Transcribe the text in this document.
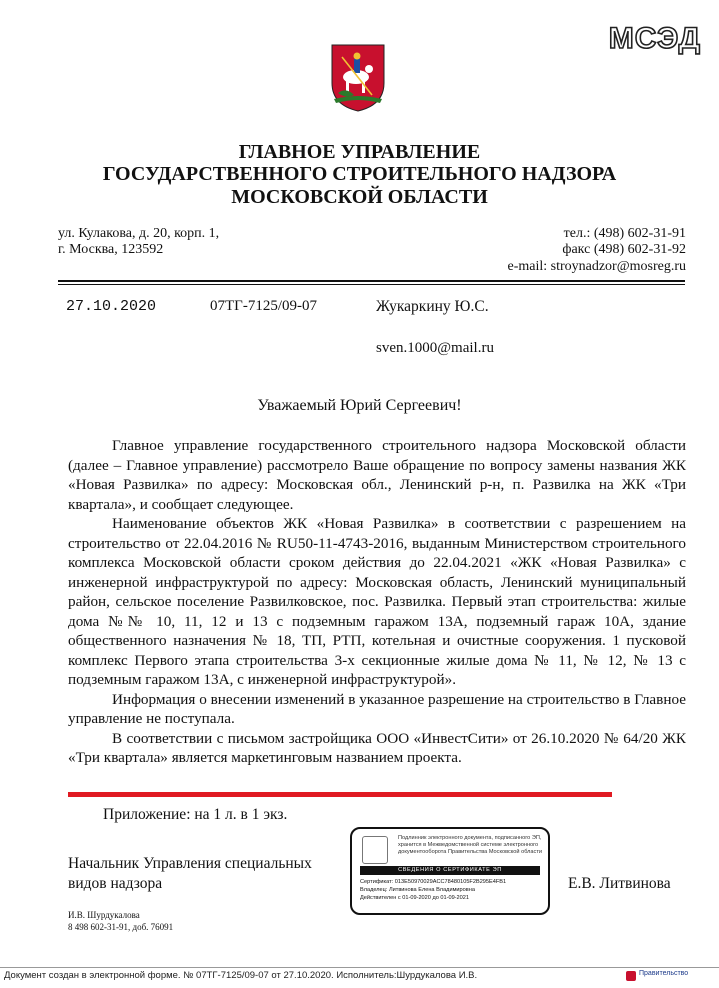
МСЭД
ГЛАВНОЕ УПРАВЛЕНИЕ
ГОСУДАРСТВЕННОГО СТРОИТЕЛЬНОГО НАДЗОРА
МОСКОВСКОЙ ОБЛАСТИ
ул. Кулакова, д. 20, корп. 1,
г. Москва, 123592
тел.: (498) 602-31-91
факс (498) 602-31-92
e-mail: stroynadzor@mosreg.ru
27.10.2020	07ТГ-7125/09-07	Жукаркину Ю.С.
sven.1000@mail.ru
Уважаемый Юрий Сергеевич!

Главное управление государственного строительного надзора Московской области (далее – Главное управление) рассмотрело Ваше обращение по вопросу замены названия ЖК «Новая Развилка» по адресу: Московская обл., Ленинский р-н, п. Развилка на ЖК «Три квартала», и сообщает следующее.

Наименование объектов ЖК «Новая Развилка» в соответствии с разрешением на строительство от 22.04.2016 № RU50-11-4743-2016, выданным Министерством строительного комплекса Московской области сроком действия до 22.04.2021 «ЖК «Новая Развилка» с инженерной инфраструктурой по адресу: Московская область, Ленинский муниципальный район, сельское поселение Развилковское, пос. Развилка. Первый этап строительства: жилые дома №№ 10, 11, 12 и 13 с подземным гаражом 13А, подземный гараж 10А, здание общественного назначения № 18, ТП, РТП, котельная и очистные сооружения. 1 пусковой комплекс Первого этапа строительства 3-х секционные жилые дома № 11, № 12, № 13 с подземным гаражом 13А, с инженерной инфраструктурой».

Информация о внесении изменений в указанное разрешение на строительство в Главное управление не поступала.

В соответствии с письмом застройщика ООО «ИнвестСити» от 26.10.2020 № 64/20 ЖК «Три квартала» является маркетинговым названием проекта.

Приложение: на 1 л. в 1 экз.
Начальник Управления специальных
видов надзора
Подлинник электронного документа, подписанного ЭП, хранится в Межведомственной системе электронного документооборота Правительства Московской области
СВЕДЕНИЯ О СЕРТИФИКАТЕ ЭП
Сертификат: 013E50970029ACC78480105F2B295E4FB1
Владелец: Литвинова Елена Владимировна
Действителен с 01-09-2020 до 01-09-2021
Е.В. Литвинова
И.В. Шурдукалова
8 498 602-31-91, доб. 76091
Документ создан в электронной форме. № 07ТГ-7125/09-07 от 27.10.2020. Исполнитель:Шурдукалова И.В.	Правительство
